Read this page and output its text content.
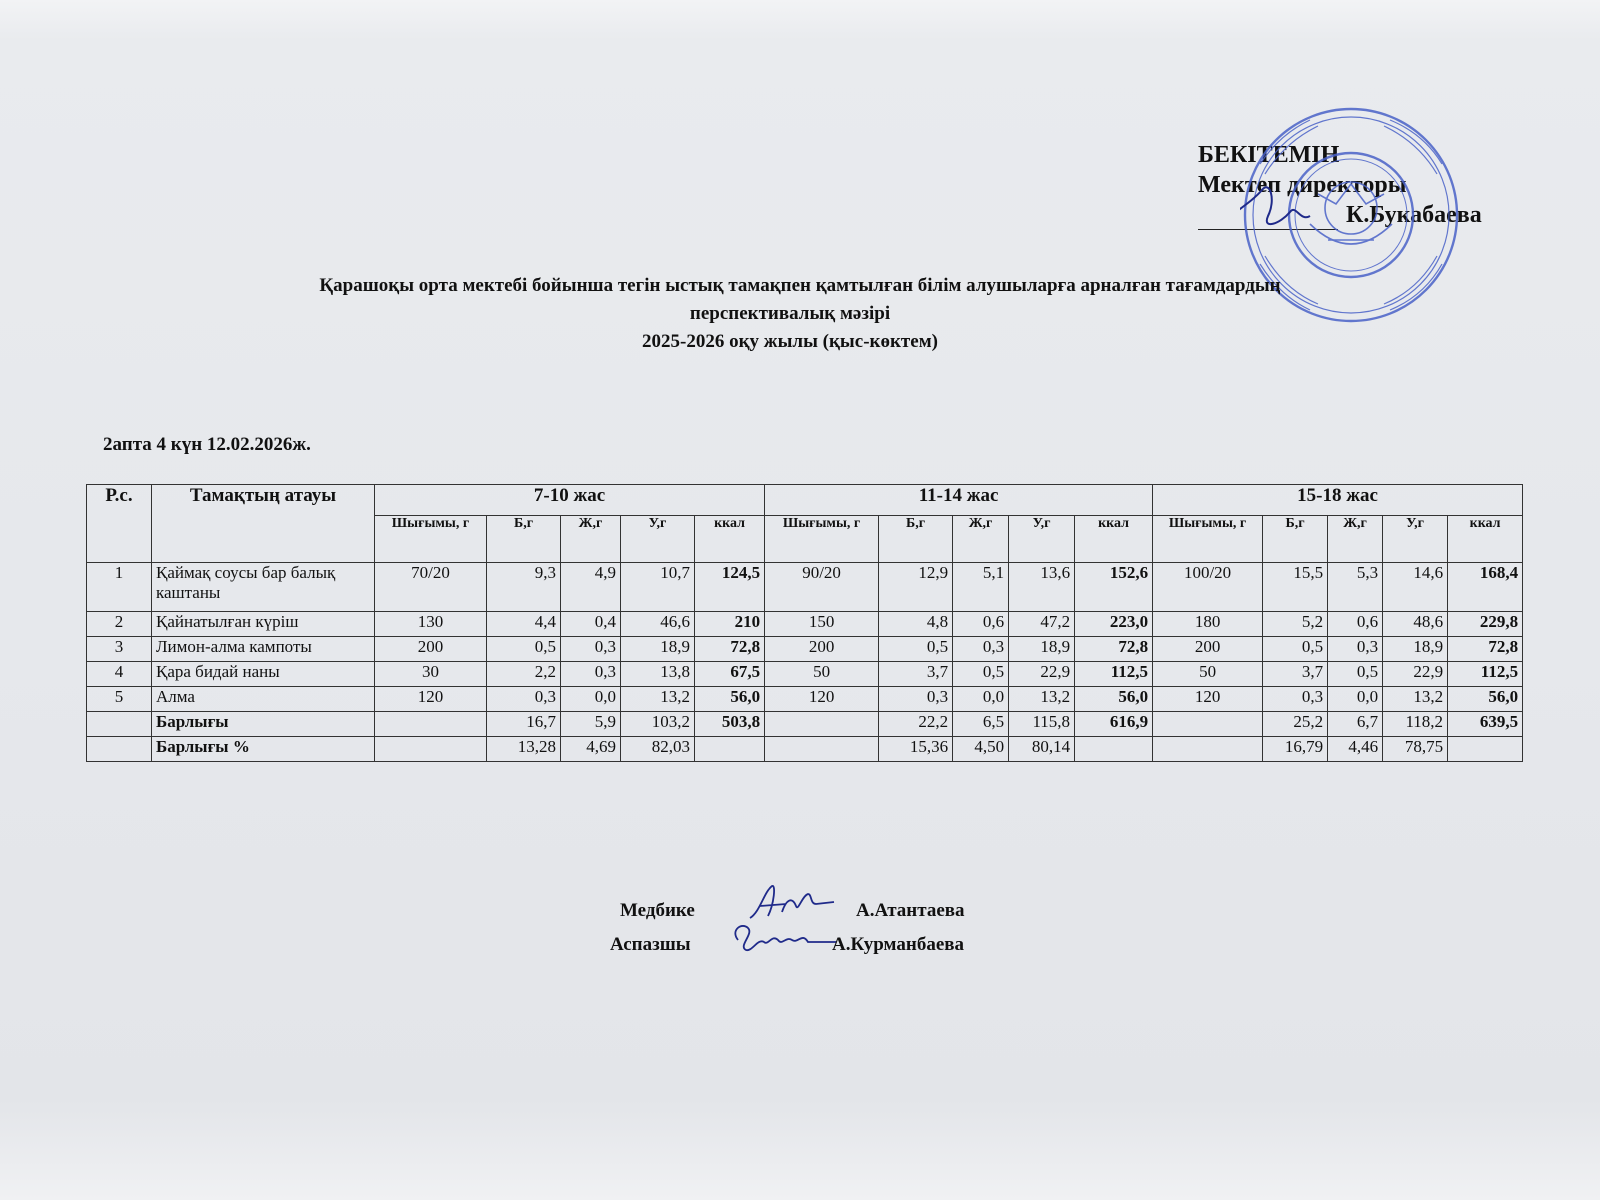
БЕКІТЕМІН
Мектеп директоры
К.Букабаева
Қарашоқы орта мектебі бойынша тегін ыстық тамақпен қамтылған білім алушыларға арналған тағамдардың
перспективалық мәзірі
2025-2026 оқу жылы (қыс-көктем)
2апта 4 күн 12.02.2026ж.
Р.с.	Тамақтың атауы	7-10 жас					11-14 жас					15-18 жас				
		Шығымы, г	Б,г	Ж,г	У,г	ккал	Шығымы, г	Б,г	Ж,г	У,г	ккал	Шығымы, г	Б,г	Ж,г	У,г	ккал
1	Қаймақ соусы бар балық каштаны	70/20	9,3	4,9	10,7	124,5	90/20	12,9	5,1	13,6	152,6	100/20	15,5	5,3	14,6	168,4
2	Қайнатылған күріш	130	4,4	0,4	46,6	210	150	4,8	0,6	47,2	223,0	180	5,2	0,6	48,6	229,8
3	Лимон-алма кампоты	200	0,5	0,3	18,9	72,8	200	0,5	0,3	18,9	72,8	200	0,5	0,3	18,9	72,8
4	Қара бидай наны	30	2,2	0,3	13,8	67,5	50	3,7	0,5	22,9	112,5	50	3,7	0,5	22,9	112,5
5	Алма	120	0,3	0,0	13,2	56,0	120	0,3	0,0	13,2	56,0	120	0,3	0,0	13,2	56,0
	Барлығы		16,7	5,9	103,2	503,8		22,2	6,5	115,8	616,9		25,2	6,7	118,2	639,5
	Барлығы %		13,28	4,69	82,03			15,36	4,50	80,14			16,79	4,46	78,75	
Медбике	А.Атантаева
Аспазшы	А.Курманбаева
